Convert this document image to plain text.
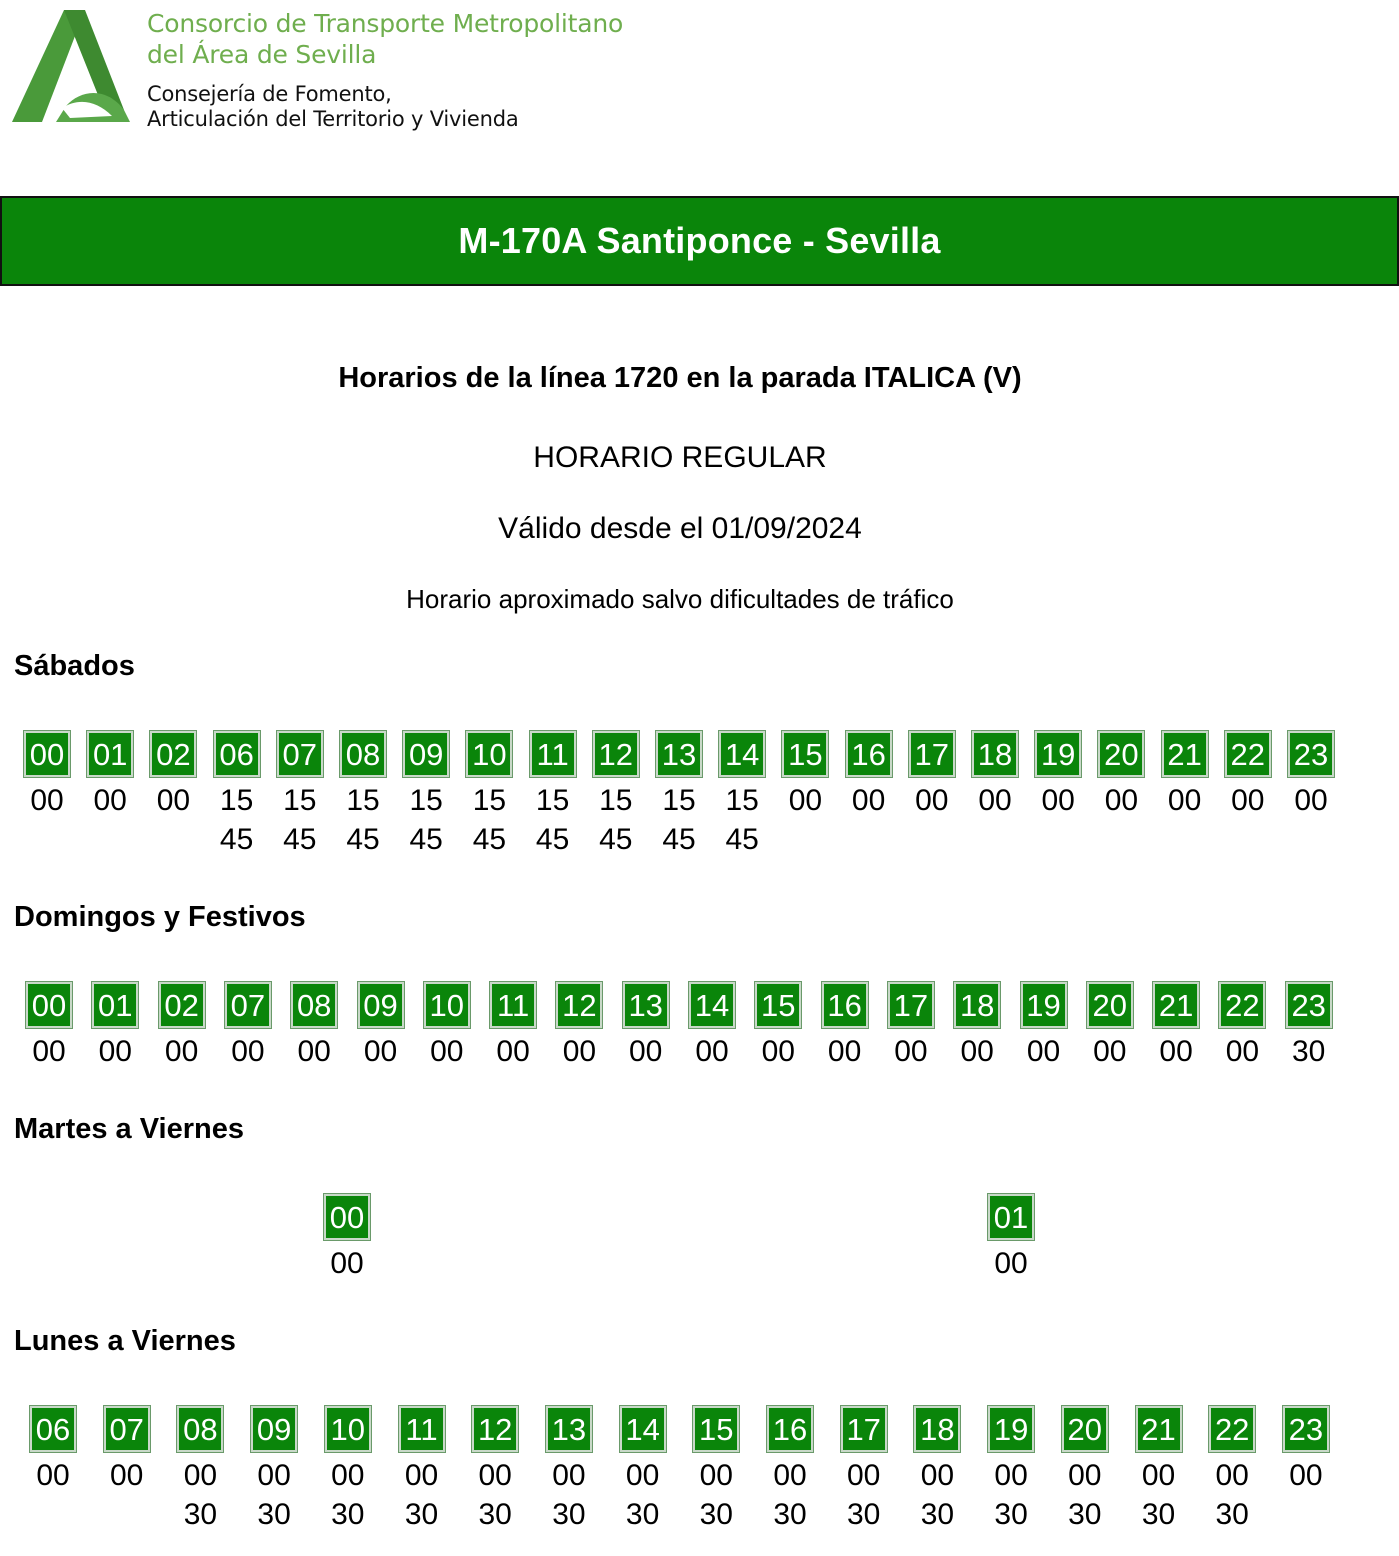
Consorcio de Transporte Metropolitano
del Área de Sevilla
Consejería de Fomento,
Articulación del Territorio y Vivienda
M-170A Santiponce - Sevilla
Horarios de la línea 1720 en la parada ITALICA (V)
HORARIO REGULAR
Válido desde el 01/09/2024
Horario aproximado salvo dificultades de tráfico
Sábados
00
00
01
00
02
00
06
15
45
07
15
45
08
15
45
09
15
45
10
15
45
11
15
45
12
15
45
13
15
45
14
15
45
15
00
16
00
17
00
18
00
19
00
20
00
21
00
22
00
23
00
Domingos y Festivos
00
00
01
00
02
00
07
00
08
00
09
00
10
00
11
00
12
00
13
00
14
00
15
00
16
00
17
00
18
00
19
00
20
00
21
00
22
00
23
30
Martes a Viernes
00
00
01
00
Lunes a Viernes
06
00
07
00
08
00
30
09
00
30
10
00
30
11
00
30
12
00
30
13
00
30
14
00
30
15
00
30
16
00
30
17
00
30
18
00
30
19
00
30
20
00
30
21
00
30
22
00
30
23
00
